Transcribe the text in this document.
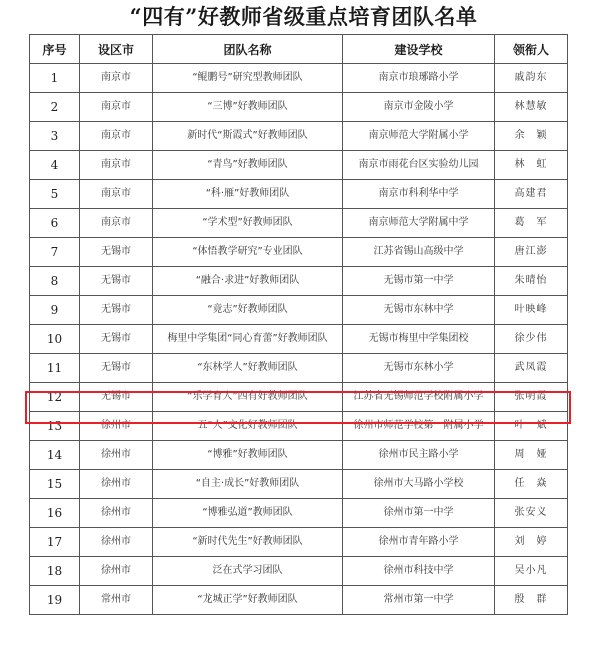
“四有”好教师省级重点培育团队名单
序号	设区市	团队名称	建设学校	领衔人
1	南京市	“鲲鹏号”研究型教师团队	南京市琅琊路小学	戚韵东
2	南京市	“三博”好教师团队	南京市金陵小学	林慧敏
3	南京市	新时代“斯霞式”好教师团队	南京师范大学附属小学	余　颖
4	南京市	“青鸟”好教师团队	南京市雨花台区实验幼儿园	林　虹
5	南京市	“科·雁”好教师团队	南京市科利华中学	高建君
6	南京市	“学术型”好教师团队	南京师范大学附属中学	葛　军
7	无锡市	“体悟教学研究”专业团队	江苏省锡山高级中学	唐江澎
8	无锡市	“融合·求进”好教师团队	无锡市第一中学	朱晴怡
9	无锡市	“竟志”好教师团队	无锡市东林中学	叶映峰
10	无锡市	梅里中学集团“同心育蕾”好教师团队	无锡市梅里中学集团校	徐少伟
11	无锡市	“东林学人”好教师团队	无锡市东林小学	武凤霞
12	无锡市	“乐学育人”四有好教师团队	江苏省无锡师范学校附属小学	张明霞
13	徐州市	五“人”文化好教师团队	徐州市师范学校第一附属小学	叶　斌
14	徐州市	“博雅”好教师团队	徐州市民主路小学	周　娅
15	徐州市	“自主·成长”好教师团队	徐州市大马路小学校	任　焱
16	徐州市	“博雅弘道”教师团队	徐州市第一中学	张安义
17	徐州市	“新时代先生”好教师团队	徐州市青年路小学	刘　婷
18	徐州市	泛在式学习团队	徐州市科技中学	吴小凡
19	常州市	“龙城正学”好教师团队	常州市第一中学	殷　群
